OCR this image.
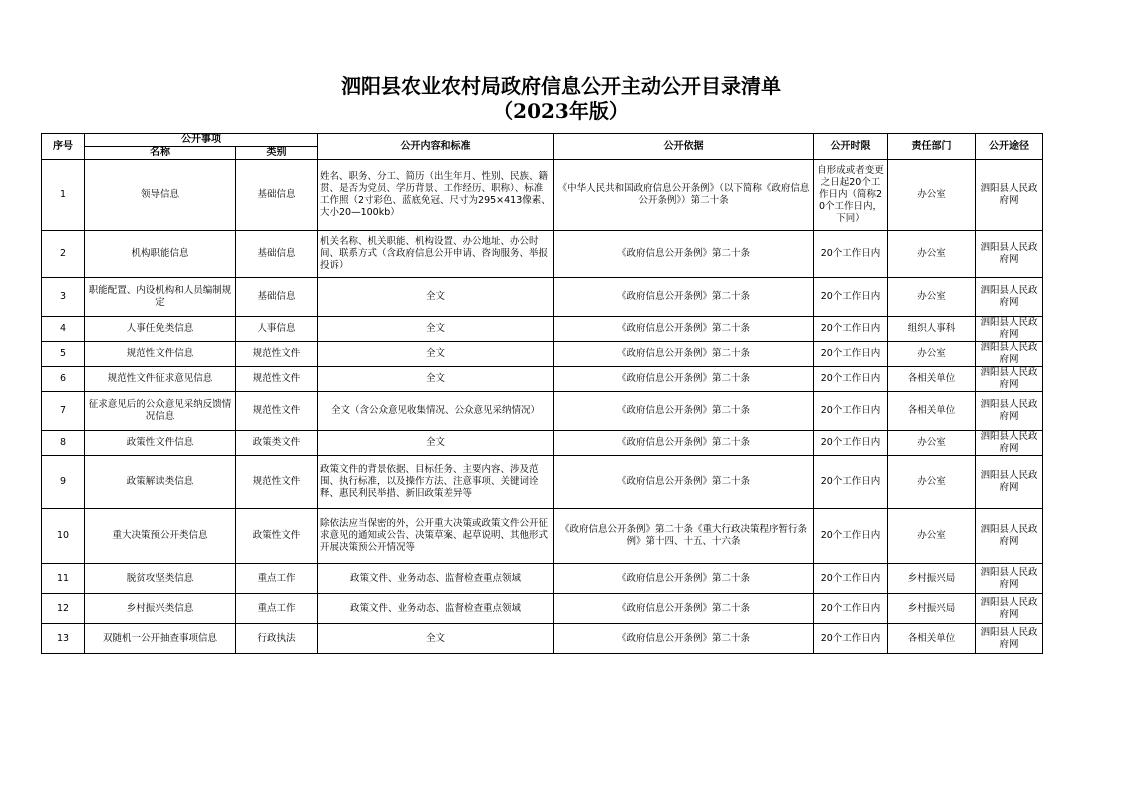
泗阳县农业农村局政府信息公开主动公开目录清单
（2023年版）
序号	公开事项		公开内容和标准	公开依据	公开时限	责任部门	公开途径
	名称	类别					
1	领导信息	基础信息	姓名、职务、分工、简历（出生年月、性别、民族、籍贯、是否为党员、学历背景、工作经历、职称）、标准工作照（2寸彩色、蓝底免冠、尺寸为295×413像素、大小20—100kb）	《中华人民共和国政府信息公开条例》（以下简称《政府信息公开条例》）第二十条	自形成或者变更之日起20个工作日内（简称20个工作日内，下同）	办公室	泗阳县人民政府网
2	机构职能信息	基础信息	机关名称、机关职能、机构设置、办公地址、办公时间、联系方式（含政府信息公开申请、咨询服务、举报投诉）	《政府信息公开条例》第二十条	20个工作日内	办公室	泗阳县人民政府网
3	职能配置、内设机构和人员编制规定	基础信息	全文	《政府信息公开条例》第二十条	20个工作日内	办公室	泗阳县人民政府网
4	人事任免类信息	人事信息	全文	《政府信息公开条例》第二十条	20个工作日内	组织人事科	泗阳县人民政府网
5	规范性文件信息	规范性文件	全文	《政府信息公开条例》第二十条	20个工作日内	办公室	泗阳县人民政府网
6	规范性文件征求意见信息	规范性文件	全文	《政府信息公开条例》第二十条	20个工作日内	各相关单位	泗阳县人民政府网
7	征求意见后的公众意见采纳反馈情况信息	规范性文件	全文（含公众意见收集情况、公众意见采纳情况）	《政府信息公开条例》第二十条	20个工作日内	各相关单位	泗阳县人民政府网
8	政策性文件信息	政策类文件	全文	《政府信息公开条例》第二十条	20个工作日内	办公室	泗阳县人民政府网
9	政策解读类信息	规范性文件	政策文件的背景依据、目标任务、主要内容、涉及范围、执行标准，以及操作方法、注意事项、关键词诠释、惠民利民举措、新旧政策差异等	《政府信息公开条例》第二十条	20个工作日内	办公室	泗阳县人民政府网
10	重大决策预公开类信息	政策性文件	除依法应当保密的外，公开重大决策或政策文件公开征求意见的通知或公告、决策草案、起草说明、其他形式开展决策预公开情况等	《政府信息公开条例》第二十条《重大行政决策程序暂行条例》第十四、十五、十六条	20个工作日内	办公室	泗阳县人民政府网
11	脱贫攻坚类信息	重点工作	政策文件、业务动态、监督检查重点领域	《政府信息公开条例》第二十条	20个工作日内	乡村振兴局	泗阳县人民政府网
12	乡村振兴类信息	重点工作	政策文件、业务动态、监督检查重点领域	《政府信息公开条例》第二十条	20个工作日内	乡村振兴局	泗阳县人民政府网
13	双随机一公开抽查事项信息	行政执法	全文	《政府信息公开条例》第二十条	20个工作日内	各相关单位	泗阳县人民政府网
